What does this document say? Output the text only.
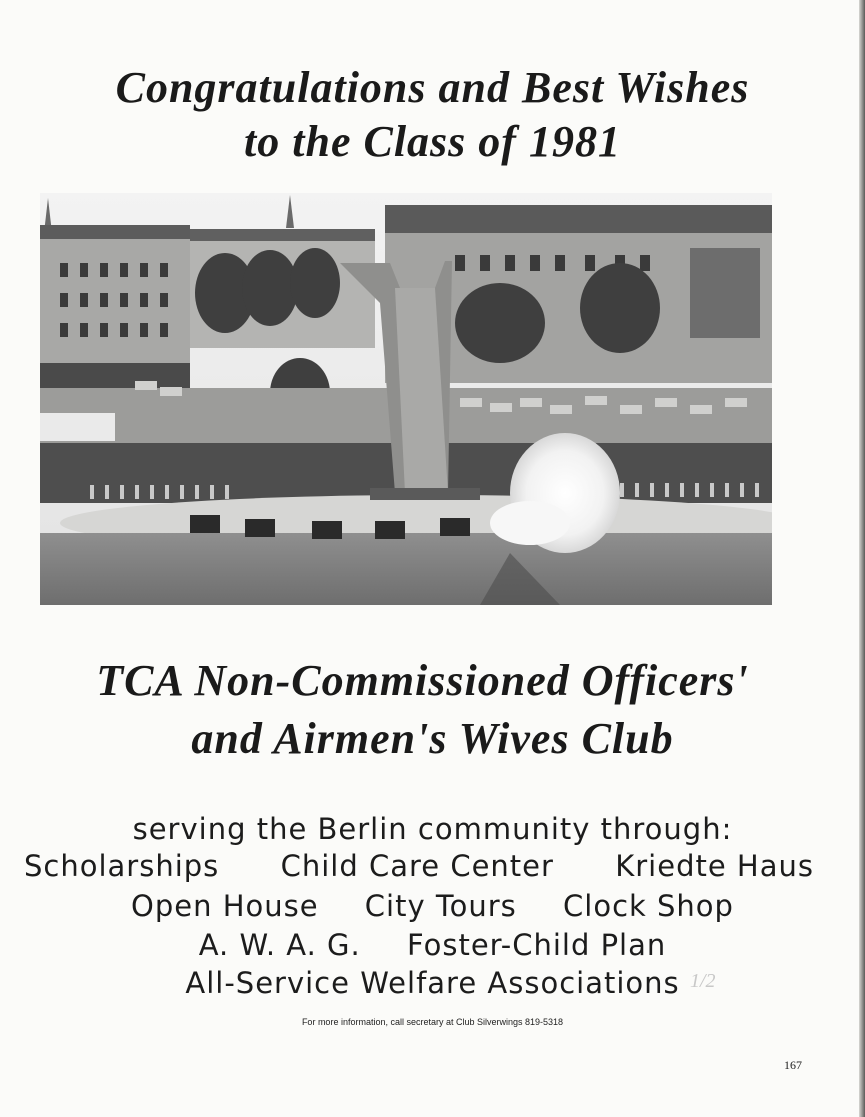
Congratulations and Best Wishes
to the Class of 1981
TCA Non-Commissioned Officers'
and Airmen's Wives Club
serving the Berlin community through:
Scholarships Child Care Center Kriedte Haus
Open House City Tours Clock Shop
A. W. A. G. Foster-Child Plan
All-Service Welfare Associations 1/2
For more information, call secretary at Club Silverwings 819-5318
167
